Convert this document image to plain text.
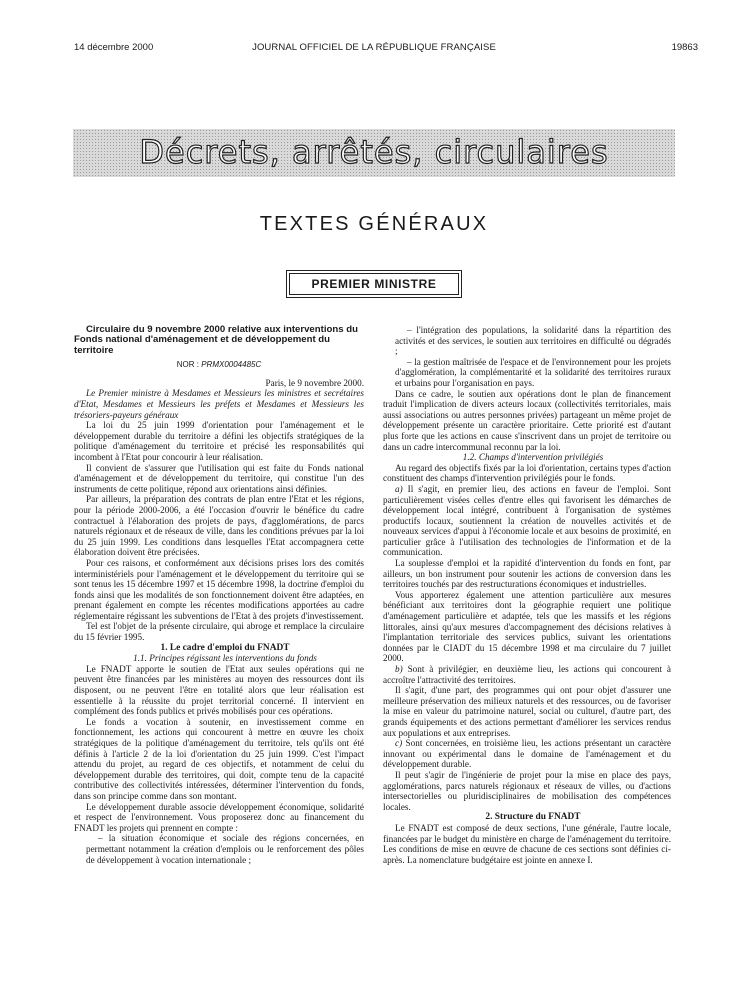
14 décembre 2000	JOURNAL OFFICIEL DE LA RÉPUBLIQUE FRANÇAISE	19863
Décrets, arrêtés, circulaires
TEXTES GÉNÉRAUX
PREMIER MINISTRE

Circulaire du 9 novembre 2000 relative aux interventions du Fonds national d'aménagement et de développement du territoire

NOR : PRMX0004485C

Paris, le 9 novembre 2000.

Le Premier ministre à Mesdames et Messieurs les ministres et secrétaires d'Etat, Mesdames et Messieurs les préfets et Mesdames et Messieurs les trésoriers-payeurs généraux

La loi du 25 juin 1999 d'orientation pour l'aménagement et le développement durable du territoire a défini les objectifs stratégiques de la politique d'aménagement du territoire et précisé les responsabilités qui incombent à l'Etat pour concourir à leur réalisation.

Il convient de s'assurer que l'utilisation qui est faite du Fonds national d'aménagement et de développement du territoire, qui constitue l'un des instruments de cette politique, répond aux orientations ainsi définies.

Par ailleurs, la préparation des contrats de plan entre l'Etat et les régions, pour la période 2000-2006, a été l'occasion d'ouvrir le bénéfice du cadre contractuel à l'élaboration des projets de pays, d'agglomérations, de parcs naturels régionaux et de réseaux de ville, dans les conditions prévues par la loi du 25 juin 1999. Les conditions dans lesquelles l'Etat accompagnera cette élaboration doivent être précisées.

Pour ces raisons, et conformément aux décisions prises lors des comités interministériels pour l'aménagement et le développement du territoire qui se sont tenus les 15 décembre 1997 et 15 décembre 1998, la doctrine d'emploi du fonds ainsi que les modalités de son fonctionnement doivent être adaptées, en prenant également en compte les récentes modifications apportées au cadre réglementaire régissant les subventions de l'Etat à des projets d'investissement.

Tel est l'objet de la présente circulaire, qui abroge et remplace la circulaire du 15 février 1995.

1. Le cadre d'emploi du FNADT

1.1. Principes régissant les interventions du fonds

Le FNADT apporte le soutien de l'Etat aux seules opérations qui ne peuvent être financées par les ministères au moyen des ressources dont ils disposent, ou ne peuvent l'être en totalité alors que leur réalisation est essentielle à la réussite du projet territorial concerné. Il intervient en complément des fonds publics et privés mobilisés pour ces opérations.

Le fonds a vocation à soutenir, en investissement comme en fonctionnement, les actions qui concourent à mettre en œuvre les choix stratégiques de la politique d'aménagement du territoire, tels qu'ils ont été définis à l'article 2 de la loi d'orientation du 25 juin 1999. C'est l'impact attendu du projet, au regard de ces objectifs, et notamment de celui du développement durable des territoires, qui doit, compte tenu de la capacité contributive des collectivités intéressées, déterminer l'intervention du fonds, dans son principe comme dans son montant.

Le développement durable associe développement économique, solidarité et respect de l'environnement. Vous proposerez donc au financement du FNADT les projets qui prennent en compte :

– la situation économique et sociale des régions concernées, en permettant notamment la création d'emplois ou le renforcement des pôles de développement à vocation internationale ;

– l'intégration des populations, la solidarité dans la répartition des activités et des services, le soutien aux territoires en difficulté ou dégradés ;

– la gestion maîtrisée de l'espace et de l'environnement pour les projets d'agglomération, la complémentarité et la solidarité des territoires ruraux et urbains pour l'organisation en pays.

Dans ce cadre, le soutien aux opérations dont le plan de financement traduit l'implication de divers acteurs locaux (collectivités territoriales, mais aussi associations ou autres personnes privées) partageant un même projet de développement présente un caractère prioritaire. Cette priorité est d'autant plus forte que les actions en cause s'inscrivent dans un projet de territoire ou dans un cadre intercommunal reconnu par la loi.

1.2. Champs d'intervention privilégiés

Au regard des objectifs fixés par la loi d'orientation, certains types d'action constituent des champs d'intervention privilégiés pour le fonds.

a) Il s'agit, en premier lieu, des actions en faveur de l'emploi. Sont particulièrement visées celles d'entre elles qui favorisent les démarches de développement local intégré, contribuent à l'organisation de systèmes productifs locaux, soutiennent la création de nouvelles activités et de nouveaux services d'appui à l'économie locale et aux besoins de proximité, en particulier grâce à l'utilisation des technologies de l'information et de la communication.

La souplesse d'emploi et la rapidité d'intervention du fonds en font, par ailleurs, un bon instrument pour soutenir les actions de conversion dans les territoires touchés par des restructurations économiques et industrielles.

Vous apporterez également une attention particulière aux mesures bénéficiant aux territoires dont la géographie requiert une politique d'aménagement particulière et adaptée, tels que les massifs et les régions littorales, ainsi qu'aux mesures d'accompagnement des décisions relatives à l'implantation territoriale des services publics, suivant les orientations données par le CIADT du 15 décembre 1998 et ma circulaire du 7 juillet 2000.

b) Sont à privilégier, en deuxième lieu, les actions qui concourent à accroître l'attractivité des territoires.

Il s'agit, d'une part, des programmes qui ont pour objet d'assurer une meilleure préservation des milieux naturels et des ressources, ou de favoriser la mise en valeur du patrimoine naturel, social ou culturel, d'autre part, des grands équipements et des actions permettant d'améliorer les services rendus aux populations et aux entreprises.

c) Sont concernées, en troisième lieu, les actions présentant un caractère innovant ou expérimental dans le domaine de l'aménagement et du développement durable.

Il peut s'agir de l'ingénierie de projet pour la mise en place des pays, agglomérations, parcs naturels régionaux et réseaux de villes, ou d'actions intersectorielles ou pluridisciplinaires de mobilisation des compétences locales.

2. Structure du FNADT

Le FNADT est composé de deux sections, l'une générale, l'autre locale, financées par le budget du ministère en charge de l'aménagement du territoire. Les conditions de mise en œuvre de chacune de ces sections sont définies ci-après. La nomenclature budgétaire est jointe en annexe I.
